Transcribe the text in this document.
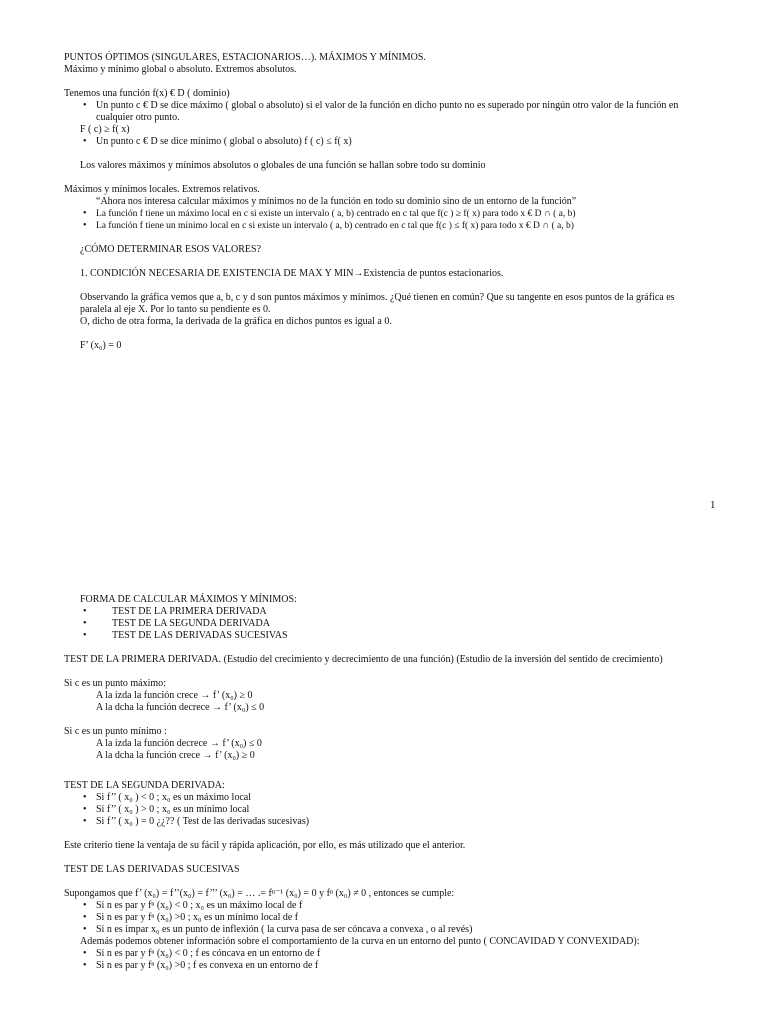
PUNTOS ÓPTIMOS (SINGULARES, ESTACIONARIOS…). MÁXIMOS Y MÍNIMOS.
Máximo y mínimo global o absoluto. Extremos absolutos.
Tenemos una función f(x) € D ( dominio)
• Un punto c € D se dice máximo ( global o absoluto) si el valor de la función en dicho punto no es superado por ningún otro valor de la función en cualquier otro punto.
F ( c) ≥ f( x)
• Un punto c € D se dice mínimo ( global o absoluto) f ( c) ≤ f( x)
Los valores máximos y mínimos absolutos o globales de una función se hallan sobre todo su dominio
Máximos y mínimos locales. Extremos relativos.
“Ahora nos interesa calcular máximos y mínimos no de la función en todo su dominio sino de un entorno de la función”
• La función f tiene un máximo local en c si existe un intervalo ( a, b) centrado en c tal que f(c ) ≥ f( x) para todo x € D ∩ ( a, b)
• La función f tiene un mínimo local en c si existe un intervalo ( a, b) centrado en c tal que f(c ) ≤ f( x) para todo x € D ∩ ( a, b)
¿CÓMO DETERMINAR ESOS VALORES?
1. CONDICIÓN NECESARIA DE EXISTENCIA DE MAX Y MIN→Existencia de puntos estacionarios.
Observando la gráfica vemos que a, b, c y d son puntos máximos y mínimos. ¿Qué tienen en común? Que su tangente en esos puntos de la gráfica es paralela al eje X. Por lo tanto su pendiente es 0.
O, dicho de otra forma, la derivada de la gráfica en dichos puntos es igual a 0.
F’ (x₀) = 0
1
FORMA DE CALCULAR MÁXIMOS Y MÍNIMOS:
• TEST DE LA PRIMERA DERIVADA
• TEST DE LA SEGUNDA DERIVADA
• TEST DE LAS DERIVADAS SUCESIVAS
TEST DE LA PRIMERA DERIVADA. (Estudio del crecimiento y decrecimiento de una función) (Estudio de la inversión del sentido de crecimiento)
Si c es un punto máximo:
A la izda la función crece → f’ (x₀) ≥ 0
A la dcha la función decrece → f’ (x₀) ≤ 0
Si c es un punto mínimo :
A la izda la función decrece → f’ (x₀) ≤ 0
A la dcha la función crece → f’ (x₀) ≥ 0
TEST DE LA SEGUNDA DERIVADA:
• Si f’’ ( x₀ ) < 0 ; x₀ es un máximo local
• Si f’’ ( x₀ ) > 0 ; x₀ es un mínimo local
• Si f’’ ( x₀ ) = 0 ¿¿?? ( Test de las derivadas sucesivas)
Este criterio tiene la ventaja de su fácil y rápida aplicación, por ello, es más utilizado que el anterior.
TEST DE LAS DERIVADAS SUCESIVAS
Supongamos que f’ (x₀) = f’’(x₀) = f’’’ (x₀) = … .= fⁿ⁻¹ (x₀) = 0 y fⁿ (x₀) ≠ 0 , entonces se cumple:
• Si n es par y fⁿ (x₀) < 0 ; x₀ es un máximo local de f
• Si n es par y fⁿ (x₀) >0 ; x₀ es un mínimo local de f
• Si n es impar x₀ es un punto de inflexión ( la curva pasa de ser cóncava a convexa , o al revés)
Además podemos obtener información sobre el comportamiento de la curva en un entorno del punto ( CONCAVIDAD Y CONVEXIDAD):
• Si n es par y fⁿ (x₀) < 0 ; f es cóncava en un entorno de f
• Si n es par y fⁿ (x₀) >0 ; f es convexa en un entorno de f
